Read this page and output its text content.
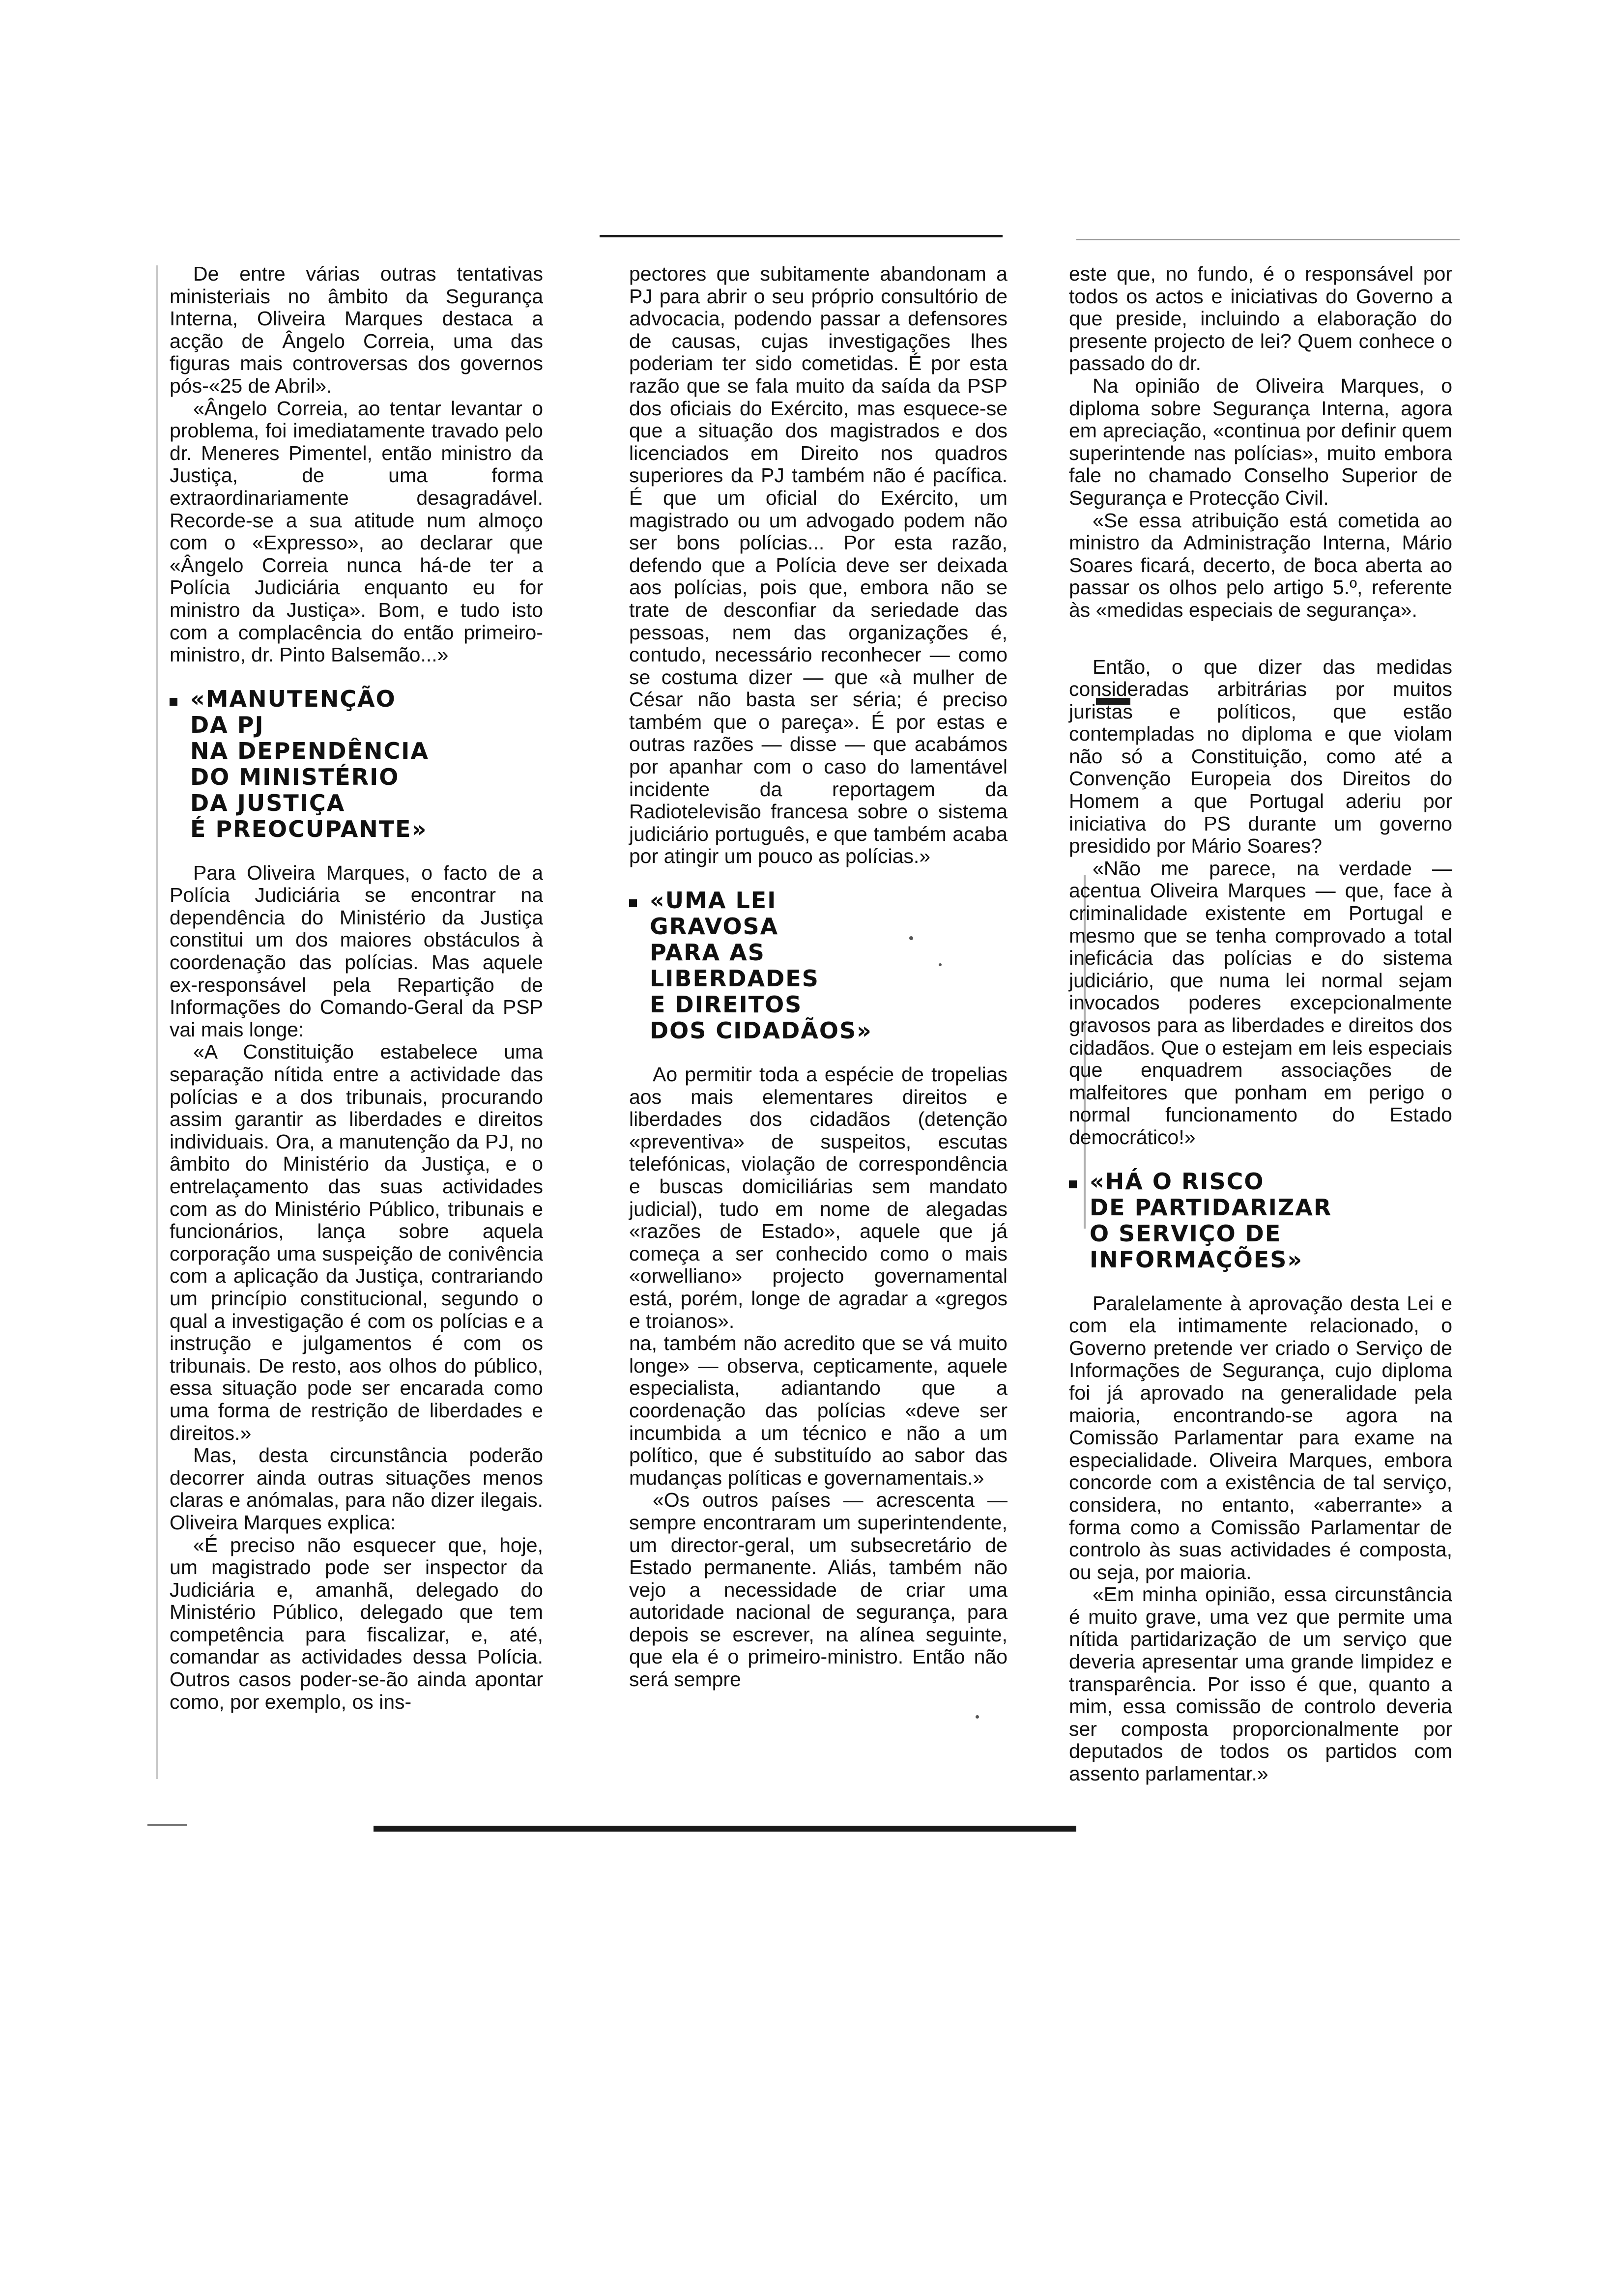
De entre várias outras tentativas ministeriais no âmbito da Segurança Interna, Oliveira Marques destaca a acção de Ângelo Correia, uma das figuras mais controversas dos governos pós-«25 de Abril».

«Ângelo Correia, ao tentar levantar o problema, foi imediatamente travado pelo dr. Meneres Pimentel, então ministro da Justiça, de uma forma extraordinariamente desagradável. Recorde-se a sua atitude num almoço com o «Expresso», ao declarar que «Ângelo Correia nunca há-de ter a Polícia Judiciária enquanto eu for ministro da Justiça». Bom, e tudo isto com a complacência do então primeiro-ministro, dr. Pinto Balsemão...»

«MANUTENÇÃO
DA PJ
NA DEPENDÊNCIA
DO MINISTÉRIO
DA JUSTIÇA
É PREOCUPANTE»

Para Oliveira Marques, o facto de a Polícia Judiciária se encontrar na dependência do Ministério da Justiça constitui um dos maiores obstáculos à coordenação das polícias. Mas aquele ex-responsável pela Repartição de Informações do Comando-Geral da PSP vai mais longe:

«A Constituição estabelece uma separação nítida entre a actividade das polícias e a dos tribunais, procurando assim garantir as liberdades e direitos individuais. Ora, a manutenção da PJ, no âmbito do Ministério da Justiça, e o entrelaçamento das suas actividades com as do Ministério Público, tribunais e funcionários, lança sobre aquela corporação uma suspeição de conivência com a aplicação da Justiça, contrariando um princípio constitucional, segundo o qual a investigação é com os polícias e a instrução e julgamentos é com os tribunais. De resto, aos olhos do público, essa situação pode ser encarada como uma forma de restrição de liberdades e direitos.»

Mas, desta circunstância poderão decorrer ainda outras situações menos claras e anómalas, para não dizer ilegais. Oliveira Marques explica:

«É preciso não esquecer que, hoje, um magistrado pode ser inspector da Judiciária e, amanhã, delegado do Ministério Público, delegado que tem competência para fiscalizar, e, até, comandar as actividades dessa Polícia. Outros casos poder-se-ão ainda apontar como, por exemplo, os ins-

pectores que subitamente abandonam a PJ para abrir o seu próprio consultório de advocacia, podendo passar a defensores de causas, cujas investigações lhes poderiam ter sido cometidas. É por esta razão que se fala muito da saída da PSP dos oficiais do Exército, mas esquece-se que a situação dos magistrados e dos licenciados em Direito nos quadros superiores da PJ também não é pacífica. É que um oficial do Exército, um magistrado ou um advogado podem não ser bons polícias... Por esta razão, defendo que a Polícia deve ser deixada aos polícias, pois que, embora não se trate de desconfiar da seriedade das pessoas, nem das organizações é, contudo, necessário reconhecer — como se costuma dizer — que «à mulher de César não basta ser séria; é preciso também que o pareça». É por estas e outras razões — disse — que acabámos por apanhar com o caso do lamentável incidente da reportagem da Radiotelevisão francesa sobre o sistema judiciário português, e que também acaba por atingir um pouco as polícias.»

«UMA LEI
GRAVOSA
PARA AS
LIBERDADES
E DIREITOS
DOS CIDADÃOS»

Ao permitir toda a espécie de tropelias aos mais elementares direitos e liberdades dos cidadãos (detenção «preventiva» de suspeitos, escutas telefónicas, violação de correspondência e buscas domiciliárias sem mandato judicial), tudo em nome de alegadas «razões de Estado», aquele que já começa a ser conhecido como o mais «orwelliano» projecto governamental está, porém, longe de agradar a «gregos e troianos».

na, também não acredito que se vá muito longe» — observa, cepticamente, aquele especialista, adiantando que a coordenação das polícias «deve ser incumbida a um técnico e não a um político, que é substituído ao sabor das mudanças políticas e governamentais.»

«Os outros países — acrescenta — sempre encontraram um superintendente, um director-geral, um subsecretário de Estado permanente. Aliás, também não vejo a necessidade de criar uma autoridade nacional de segurança, para depois se escrever, na alínea seguinte, que ela é o primeiro-ministro. Então não será sempre

este que, no fundo, é o responsável por todos os actos e iniciativas do Governo a que preside, incluindo a elaboração do presente projecto de lei? Quem conhece o passado do dr.

Na opinião de Oliveira Marques, o diploma sobre Segurança Interna, agora em apreciação, «continua por definir quem superintende nas polícias», muito embora fale no chamado Conselho Superior de Segurança e Protecção Civil.

«Se essa atribuição está cometida ao ministro da Administração Interna, Mário Soares ficará, decerto, de boca aberta ao passar os olhos pelo artigo 5.º, referente às «medidas especiais de segurança».

Então, o que dizer das medidas consideradas arbitrárias por muitos juristas e políticos, que estão contempladas no diploma e que violam não só a Constituição, como até a Convenção Europeia dos Direitos do Homem a que Portugal aderiu por iniciativa do PS durante um governo presidido por Mário Soares?

«Não me parece, na verdade — acentua Oliveira Marques — que, face à criminalidade existente em Portugal e mesmo que se tenha comprovado a total ineficácia das polícias e do sistema judiciário, que numa lei normal sejam invocados poderes excepcionalmente gravosos para as liberdades e direitos dos cidadãos. Que o estejam em leis especiais que enquadrem associações de malfeitores que ponham em perigo o normal funcionamento do Estado democrático!»

«HÁ O RISCO
DE PARTIDARIZAR
O SERVIÇO DE
INFORMAÇÕES»

Paralelamente à aprovação desta Lei e com ela intimamente relacionado, o Governo pretende ver criado o Serviço de Informações de Segurança, cujo diploma foi já aprovado na generalidade pela maioria, encontrando-se agora na Comissão Parlamentar para exame na especialidade. Oliveira Marques, embora concorde com a existência de tal serviço, considera, no entanto, «aberrante» a forma como a Comissão Parlamentar de controlo às suas actividades é composta, ou seja, por maioria.

«Em minha opinião, essa circunstância é muito grave, uma vez que permite uma nítida partidarização de um serviço que deveria apresentar uma grande limpidez e transparência. Por isso é que, quanto a mim, essa comissão de controlo deveria ser composta proporcionalmente por deputados de todos os partidos com assento parlamentar.»
